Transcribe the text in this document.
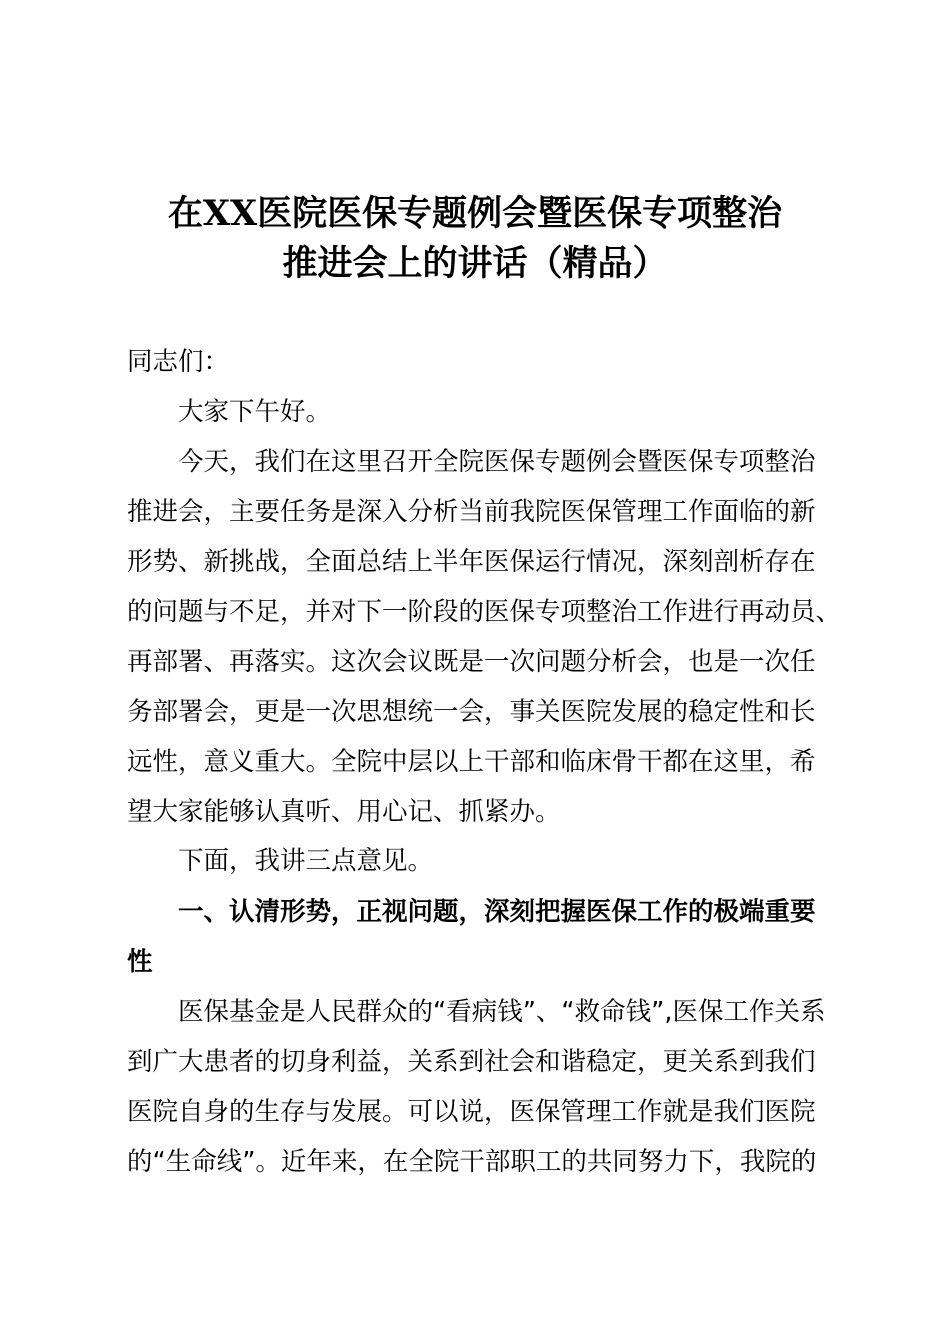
在XX医院医保专题例会暨医保专项整治
推进会上的讲话（精品）
同志们：
大家下午好。
今天，我们在这里召开全院医保专题例会暨医保专项整治
推进会，主要任务是深入分析当前我院医保管理工作面临的新
形势、新挑战，全面总结上半年医保运行情况，深刻剖析存在
的问题与不足，并对下一阶段的医保专项整治工作进行再动员、
再部署、再落实。这次会议既是一次问题分析会，也是一次任
务部署会，更是一次思想统一会，事关医院发展的稳定性和长
远性，意义重大。全院中层以上干部和临床骨干都在这里，希
望大家能够认真听、用心记、抓紧办。
下面，我讲三点意见。
一、认清形势，正视问题，深刻把握医保工作的极端重要
性
医保基金是人民群众的“看病钱”、“救命钱”,医保工作关系
到广大患者的切身利益，关系到社会和谐稳定，更关系到我们
医院自身的生存与发展。可以说，医保管理工作就是我们医院
的“生命线”。近年来，在全院干部职工的共同努力下，我院的
